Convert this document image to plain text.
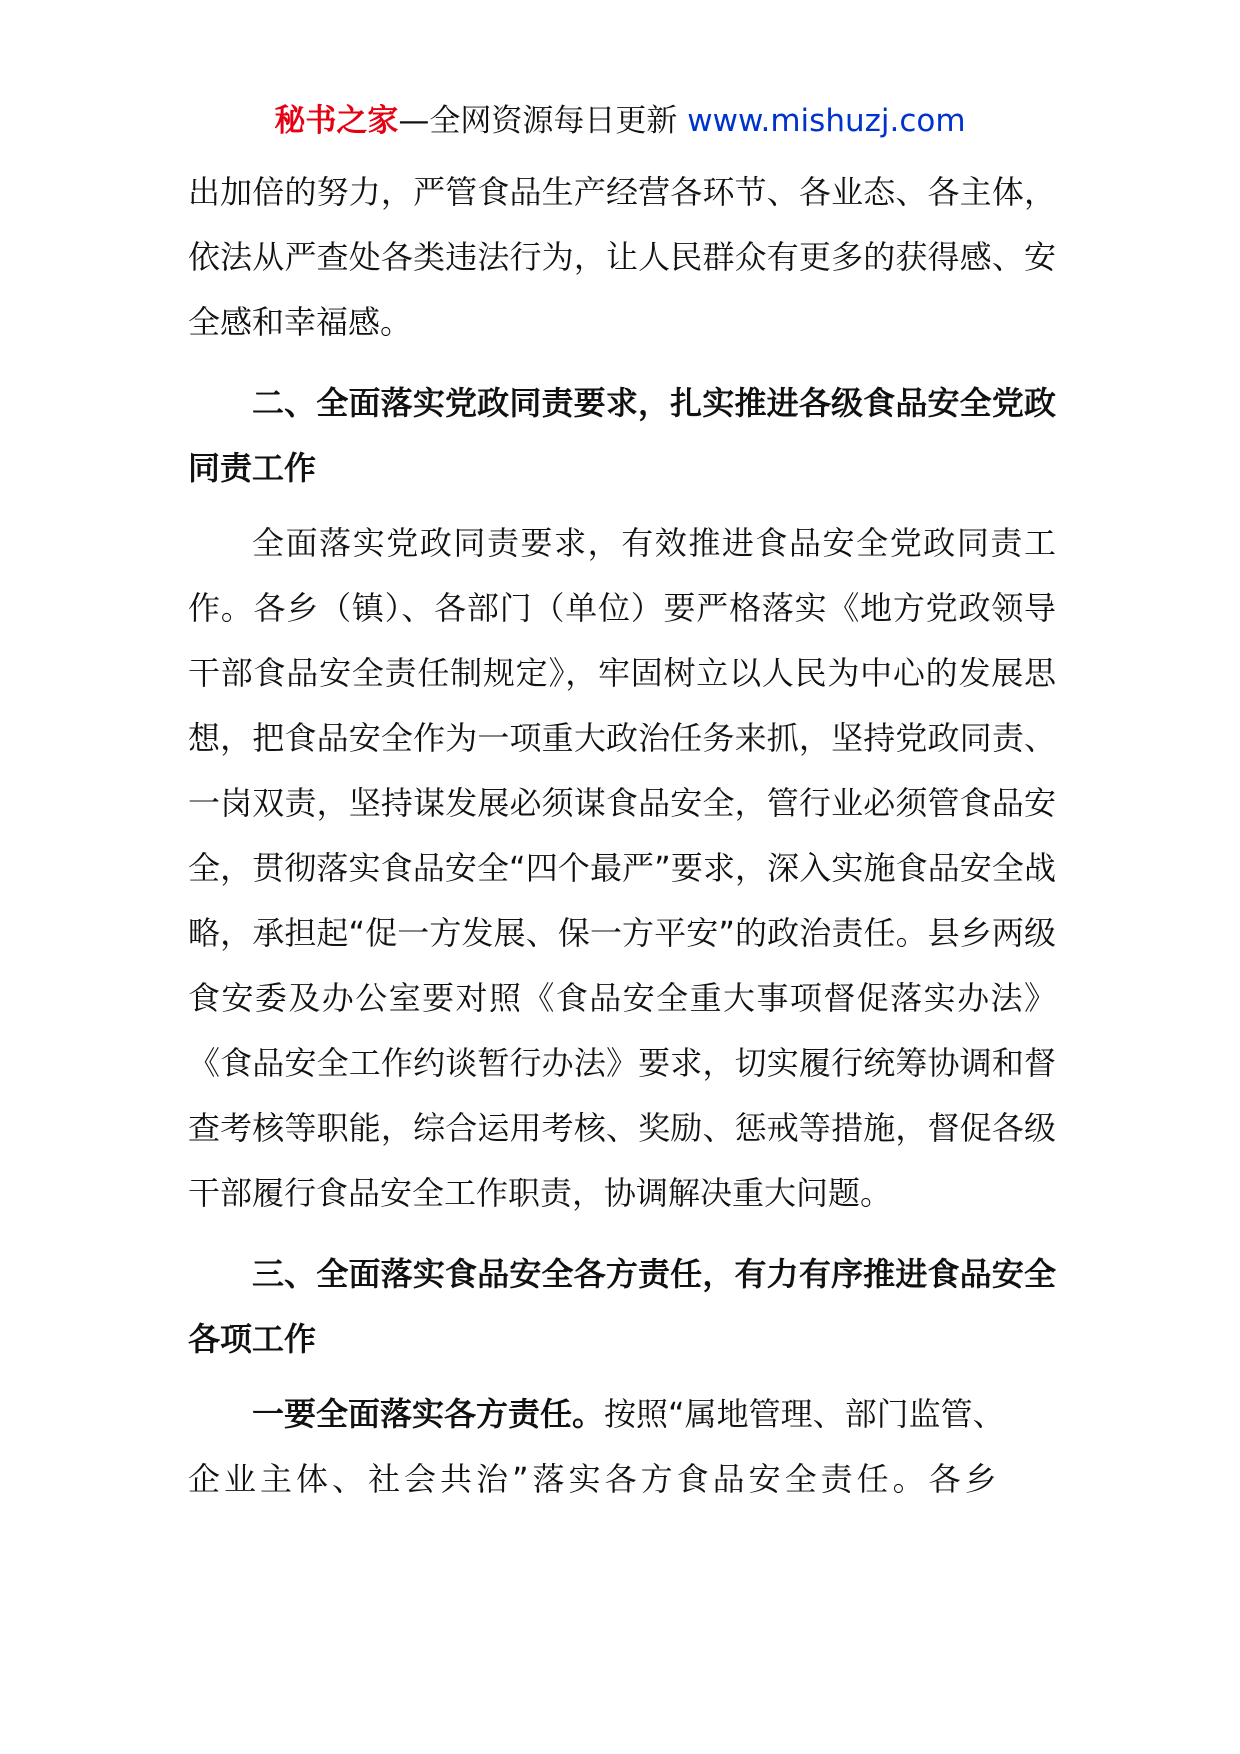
秘书之家—全网资源每日更新 www.mishuzj.com

出加倍的努力，严管食品生产经营各环节、各业态、各主体，依法从严查处各类违法行为，让人民群众有更多的获得感、安全感和幸福感。

二、全面落实党政同责要求，扎实推进各级食品安全党政同责工作

全面落实党政同责要求，有效推进食品安全党政同责工作。各乡（镇）、各部门（单位）要严格落实《地方党政领导干部食品安全责任制规定》，牢固树立以人民为中心的发展思想，把食品安全作为一项重大政治任务来抓，坚持党政同责、一岗双责，坚持谋发展必须谋食品安全，管行业必须管食品安全，贯彻落实食品安全“四个最严”要求，深入实施食品安全战略，承担起“促一方发展、保一方平安”的政治责任。县乡两级食安委及办公室要对照《食品安全重大事项督促落实办法》《食品安全工作约谈暂行办法》要求，切实履行统筹协调和督查考核等职能，综合运用考核、奖励、惩戒等措施，督促各级干部履行食品安全工作职责，协调解决重大问题。

三、全面落实食品安全各方责任，有力有序推进食品安全各项工作

一要全面落实各方责任。按照“属地管理、部门监管、

企业主体、社会共治”落实各方食品安全责任。各乡
